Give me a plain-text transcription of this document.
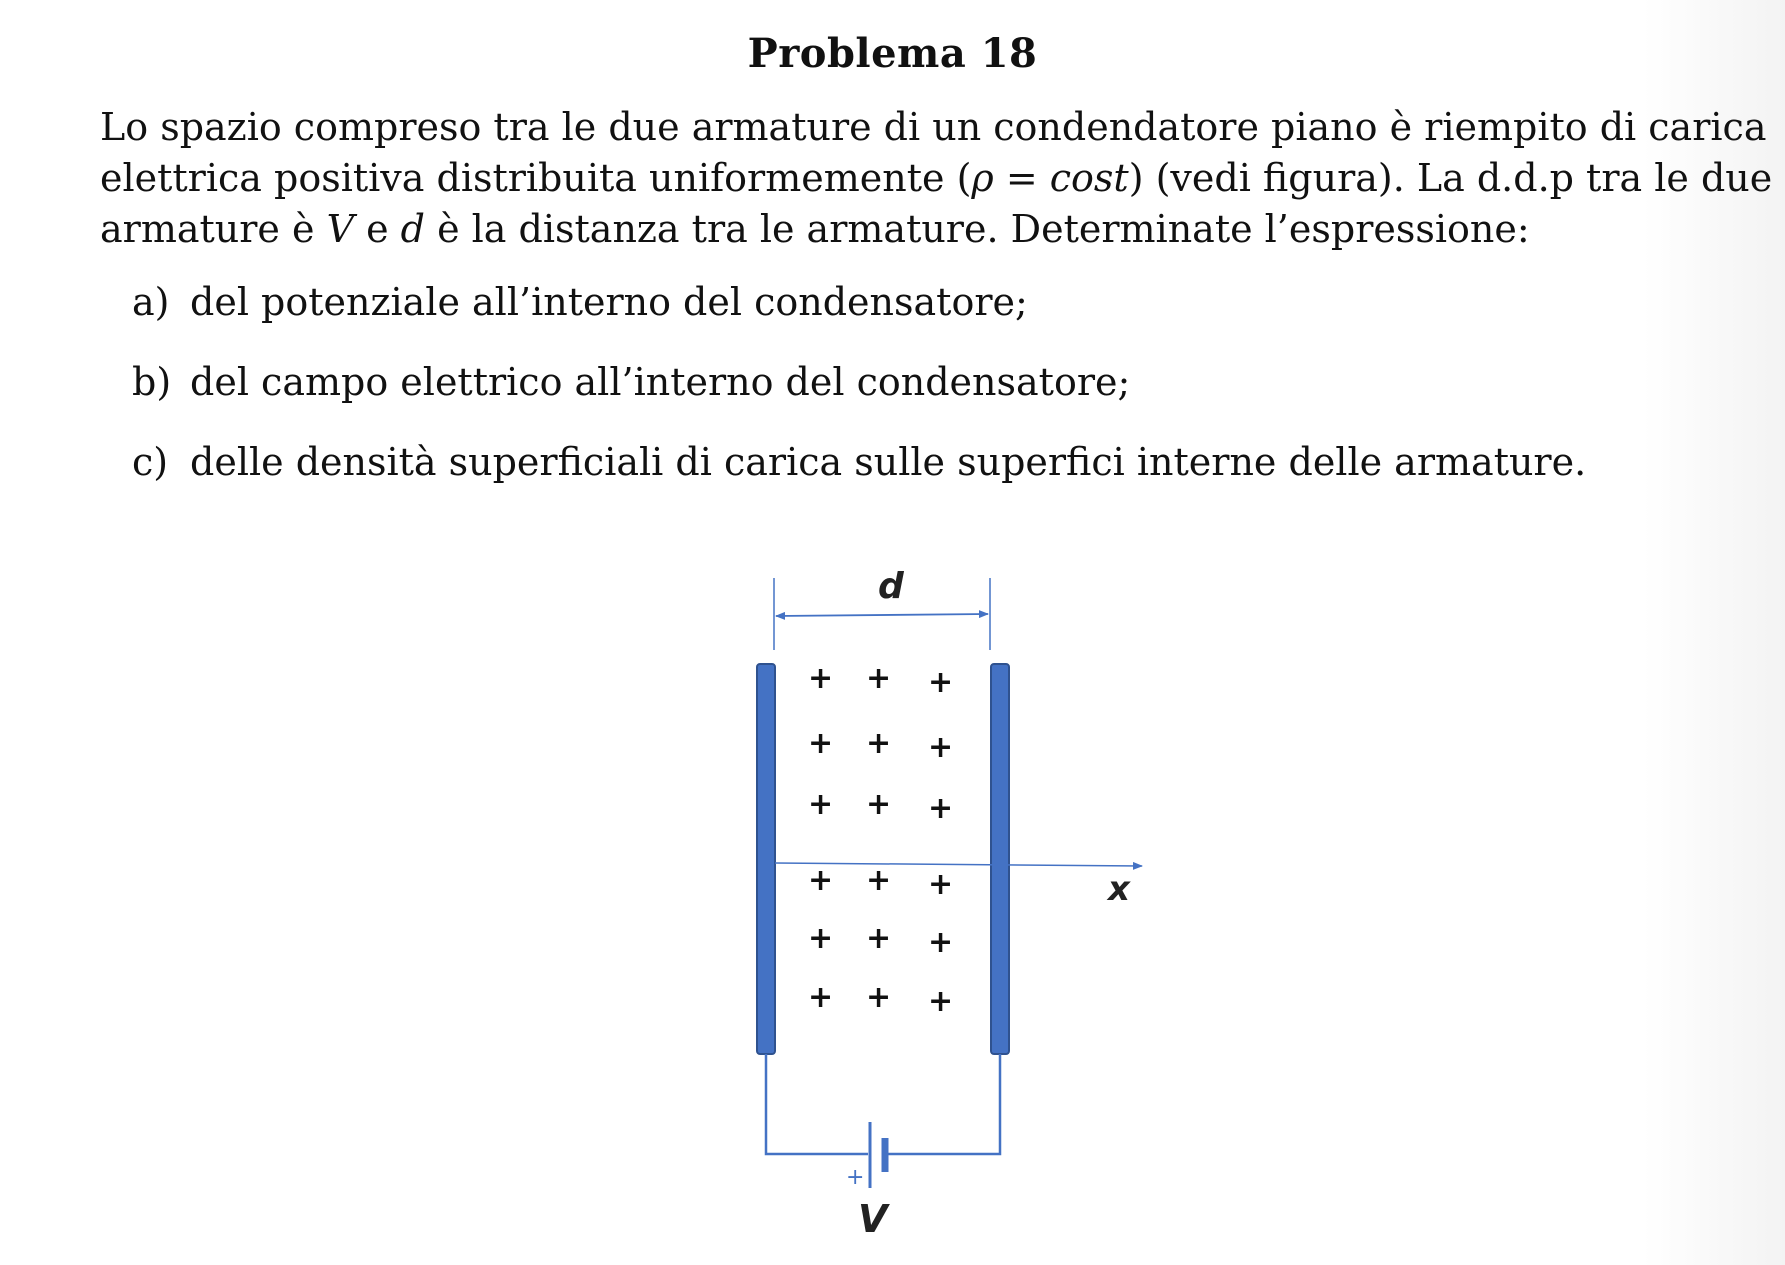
Problema 18
Lo spazio compreso tra le due armature di un condendatore piano è riempito di carica
elettrica positiva distribuita uniformemente (ρ = cost) (vedi figura). La d.d.p tra le due
armature è V e d è la distanza tra le armature. Determinate l’espressione:
a) del potenziale all’interno del condensatore;
b) del campo elettrico all’interno del condensatore;
c) delle densità superficiali di carica sulle superfici interne delle armature.
d
x
+ + +
+ + +
+ + +
+ + +
+ + +
+ + +
+
V
